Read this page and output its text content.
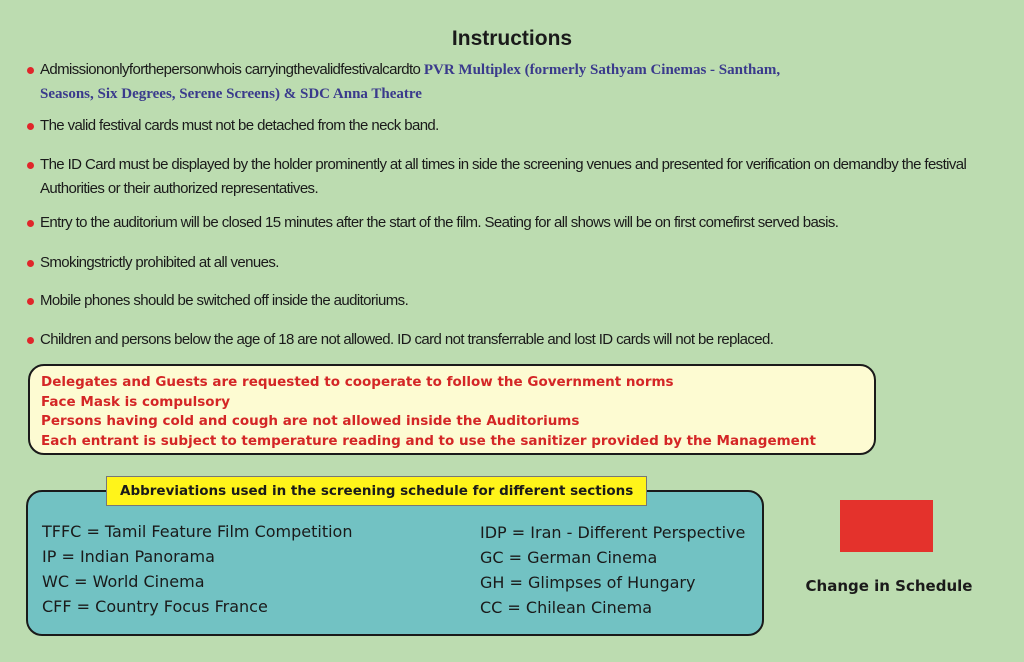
Instructions
Admissiononlyforthepersonwhois carryingthevalidfestivalcardto PVR Multiplex (formerly Sathyam Cinemas - Santham,
Seasons, Six Degrees, Serene Screens) & SDC Anna Theatre
The valid festival cards must not be detached from the neck band.
The ID Card must be displayed by the holder prominently at all times in side the screening venues and presented for verification on demandby the festival Authorities or their authorized representatives.
Entry to the auditorium will be closed 15 minutes after the start of the film. Seating for all shows will be on first comefirst served basis.
Smokingstrictly prohibited at all venues.
Mobile phones should be switched off inside the auditoriums.
Children and persons below the age of 18 are not allowed. ID card not transferrable and lost ID cards will not be replaced.
Delegates and Guests are requested to cooperate to follow the Government norms
Face Mask is compulsory
Persons having cold and cough are not allowed inside the Auditoriums
Each entrant is subject to temperature reading and to use the sanitizer provided by the Management
Abbreviations used in the screening schedule for different sections
TFFC = Tamil Feature Film Competition
IP = Indian Panorama
WC = World Cinema
CFF = Country Focus France
IDP = Iran - Different Perspective
GC = German Cinema
GH = Glimpses of Hungary
CC = Chilean Cinema
Change in Schedule
